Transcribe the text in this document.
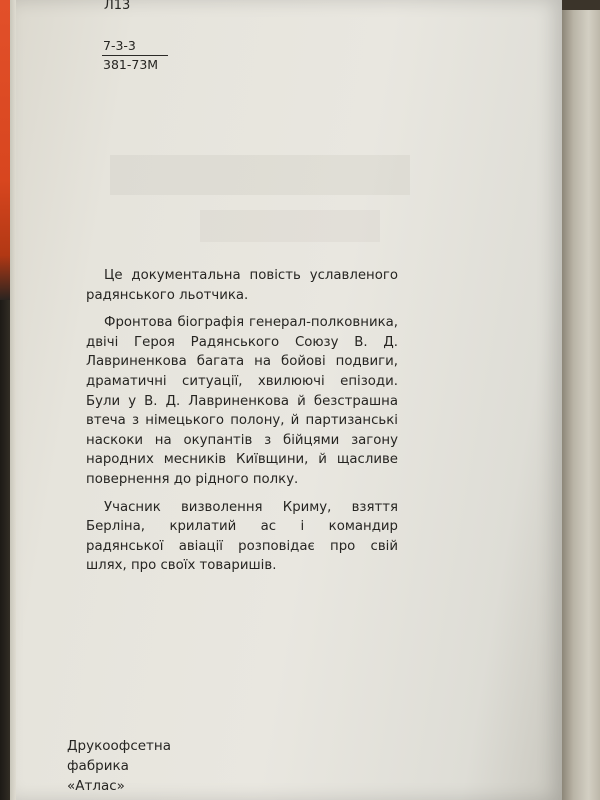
Л13
7-3-3
381-73М

Це документальна повість уславленого радянського льотчика.

Фронтова біографія генерал-полковника, двічі Героя Радянського Союзу В. Д. Лавриненкова багата на бойові подвиги, драматичні ситуації, хвилюючі епізоди. Були у В. Д. Лавриненкова й безстрашна втеча з німецького полону, й партизанські наскоки на окупантів з бійцями загону народних месників Київщини, й щасливе повернення до рідного полку.

Учасник визволення Криму, взяття Берліна, крилатий ас і командир радянської авіації розповідає про свій шлях, про своїх товаришів.

Друкоофсетна
фабрика
«Атлас»
